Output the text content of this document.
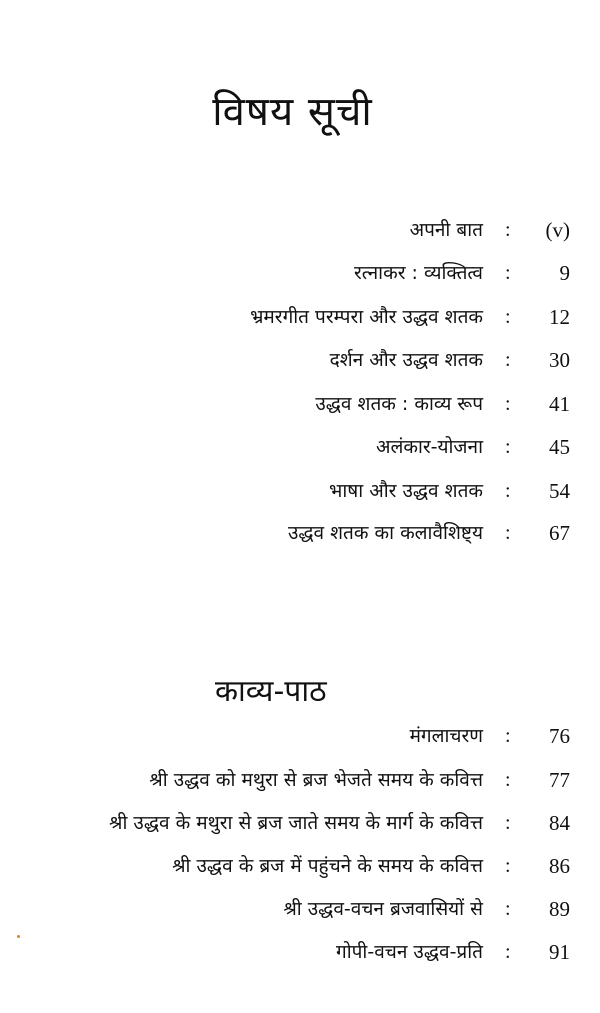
विषय सूची
अपनी बात : (v)
रत्नाकर : व्यक्तित्व : 9
भ्रमरगीत परम्परा और उद्धव शतक : 12
दर्शन और उद्धव शतक : 30
उद्धव शतक : काव्य रूप : 41
अलंकार-योजना : 45
भाषा और उद्धव शतक : 54
उद्धव शतक का कलावैशिष्ट्य : 67
काव्य-पाठ
मंगलाचरण : 76
श्री उद्धव को मथुरा से ब्रज भेजते समय के कवित्त : 77
श्री उद्धव के मथुरा से ब्रज जाते समय के मार्ग के कवित्त : 84
श्री उद्धव के ब्रज में पहुंचने के समय के कवित्त : 86
श्री उद्धव-वचन ब्रजवासियों से : 89
गोपी-वचन उद्धव-प्रति : 91
